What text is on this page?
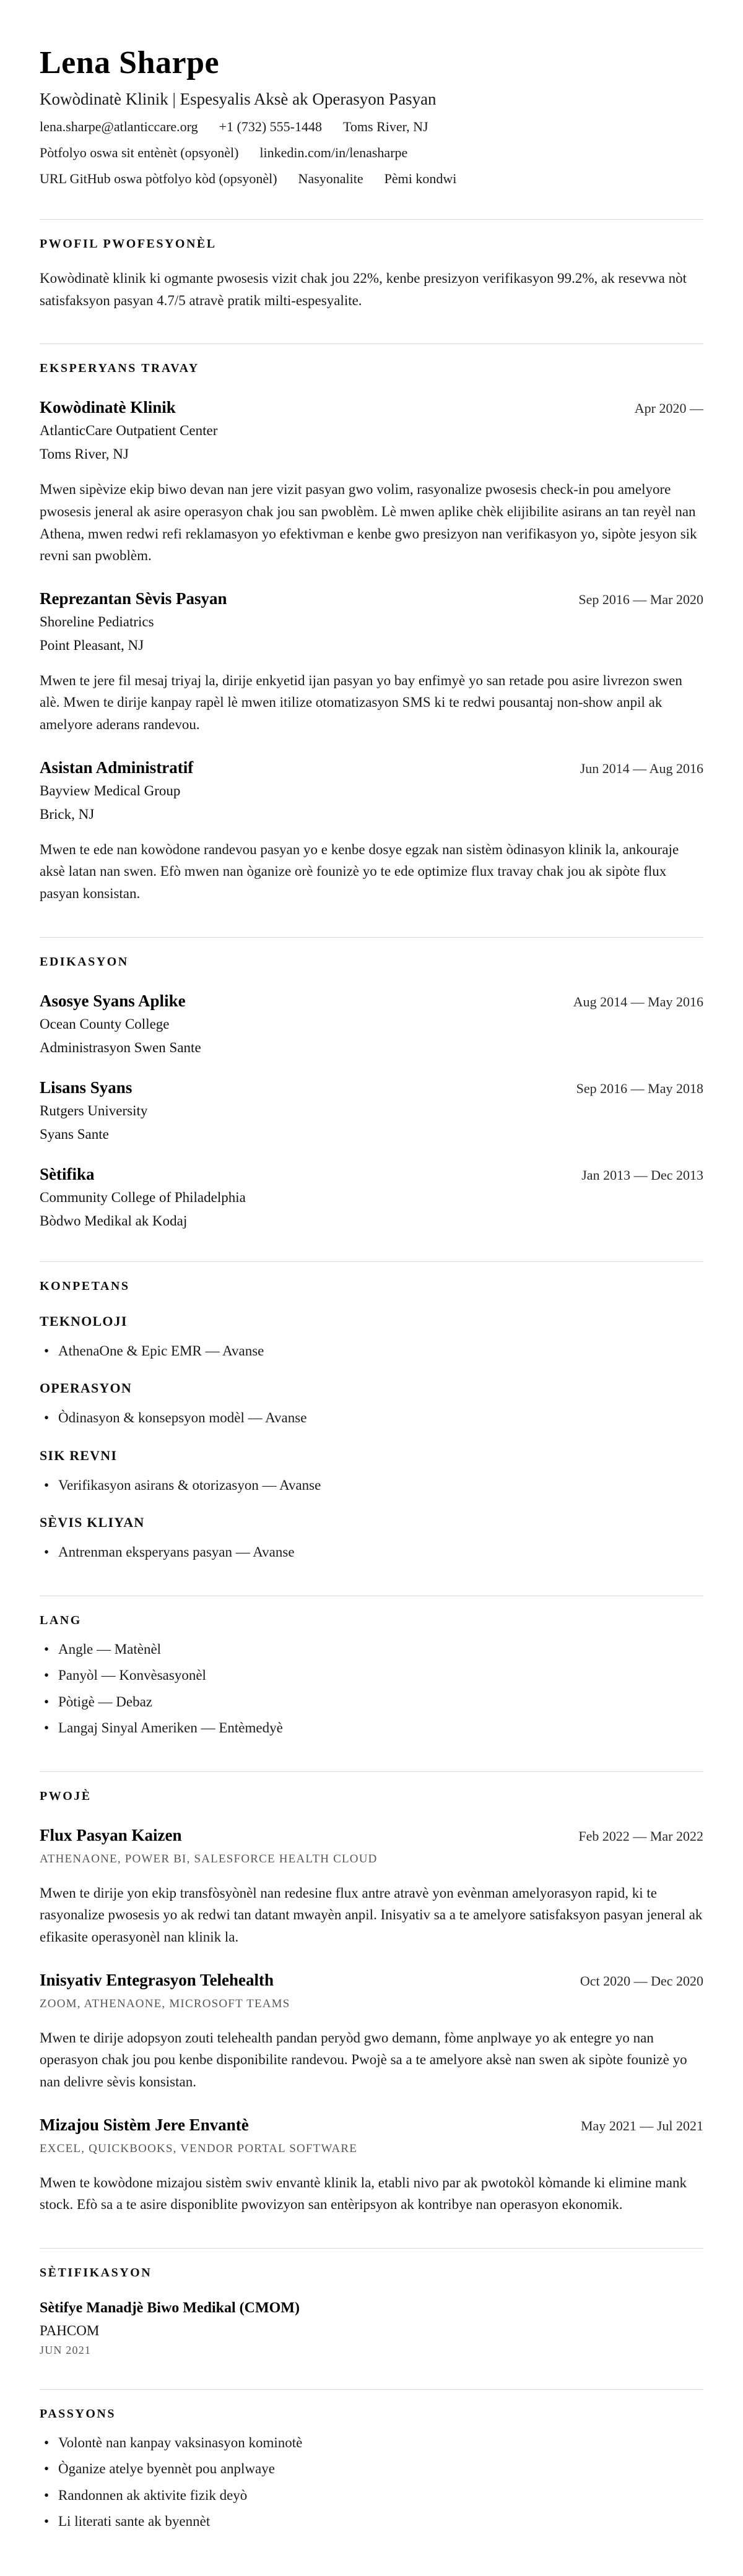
Lena Sharpe
Kowòdinatè Klinik | Espesyalis Aksè ak Operasyon Pasyan
lena.sharpe@atlanticcare.org +1 (732) 555-1448 Toms River, NJ
Pòtfolyo oswa sit entènèt (opsyonèl) linkedin.com/in/lenasharpe
URL GitHub oswa pòtfolyo kòd (opsyonèl) Nasyonalite Pèmi kondwi
PWOFIL PWOFESYONÈL

Kowòdinatè klinik ki ogmante pwosesis vizit chak jou 22%, kenbe presizyon verifikasyon 99.2%, ak resevwa nòt satisfaksyon pasyan 4.7/5 atravè pratik milti-espesyalite.

EKSPERYANS TRAVAY
Kowòdinatè Klinik	Apr 2020 —
AtlanticCare Outpatient Center
Toms River, NJ

Mwen sipèvize ekip biwo devan nan jere vizit pasyan gwo volim, rasyonalize pwosesis check-in pou amelyore pwosesis jeneral ak asire operasyon chak jou san pwoblèm. Lè mwen aplike chèk elijibilite asirans an tan reyèl nan Athena, mwen redwi refi reklamasyon yo efektivman e kenbe gwo presizyon nan verifikasyon yo, sipòte jesyon sik revni san pwoblèm.

Reprezantan Sèvis Pasyan	Sep 2016 — Mar 2020
Shoreline Pediatrics
Point Pleasant, NJ

Mwen te jere fil mesaj triyaj la, dirije enkyetid ijan pasyan yo bay enfimyè yo san retade pou asire livrezon swen alè. Mwen te dirije kanpay rapèl lè mwen itilize otomatizasyon SMS ki te redwi pousantaj non-show anpil ak amelyore aderans randevou.

Asistan Administratif	Jun 2014 — Aug 2016
Bayview Medical Group
Brick, NJ

Mwen te ede nan kowòdone randevou pasyan yo e kenbe dosye egzak nan sistèm òdinasyon klinik la, ankouraje aksè latan nan swen. Efò mwen nan òganize orè founizè yo te ede optimize flux travay chak jou ak sipòte flux pasyan konsistan.

EDIKASYON
Asosye Syans Aplike	Aug 2014 — May 2016
Ocean County College
Administrasyon Swen Sante
Lisans Syans	Sep 2016 — May 2018
Rutgers University
Syans Sante
Sètifika	Jan 2013 — Dec 2013
Community College of Philadelphia
Bòdwo Medikal ak Kodaj
KONPETANS
TEKNOLOJI
• AthenaOne & Epic EMR — Avanse
OPERASYON
• Òdinasyon & konsepsyon modèl — Avanse
SIK REVNI
• Verifikasyon asirans & otorizasyon — Avanse
SÈVIS KLIYAN
• Antrenman eksperyans pasyan — Avanse
LANG
• Angle — Matènèl
• Panyòl — Konvèsasyonèl
• Pòtigè — Debaz
• Langaj Sinyal Ameriken — Entèmedyè
PWOJÈ
Flux Pasyan Kaizen	Feb 2022 — Mar 2022
ATHENAONE, POWER BI, SALESFORCE HEALTH CLOUD

Mwen te dirije yon ekip transfòsyònèl nan redesine flux antre atravè yon evènman amelyorasyon rapid, ki te rasyonalize pwosesis yo ak redwi tan datant mwayèn anpil. Inisyativ sa a te amelyore satisfaksyon pasyan jeneral ak efikasite operasyonèl nan klinik la.

Inisyativ Entegrasyon Telehealth	Oct 2020 — Dec 2020
ZOOM, ATHENAONE, MICROSOFT TEAMS

Mwen te dirije adopsyon zouti telehealth pandan peryòd gwo demann, fòme anplwaye yo ak entegre yo nan operasyon chak jou pou kenbe disponibilite randevou. Pwojè sa a te amelyore aksè nan swen ak sipòte founizè yo nan delivre sèvis konsistan.

Mizajou Sistèm Jere Envantè	May 2021 — Jul 2021
EXCEL, QUICKBOOKS, VENDOR PORTAL SOFTWARE

Mwen te kowòdone mizajou sistèm swiv envantè klinik la, etabli nivo par ak pwotokòl kòmande ki elimine mank stock. Efò sa a te asire disponiblite pwovizyon san entèripsyon ak kontribye nan operasyon ekonomik.

SÈTIFIKASYON
Sètifye Manadjè Biwo Medikal (CMOM)
PAHCOM
JUN 2021
PASSYONS
• Volontè nan kanpay vaksinasyon kominotè
• Òganize atelye byennèt pou anplwaye
• Randonnen ak aktivite fizik deyò
• Li literati sante ak byennèt
